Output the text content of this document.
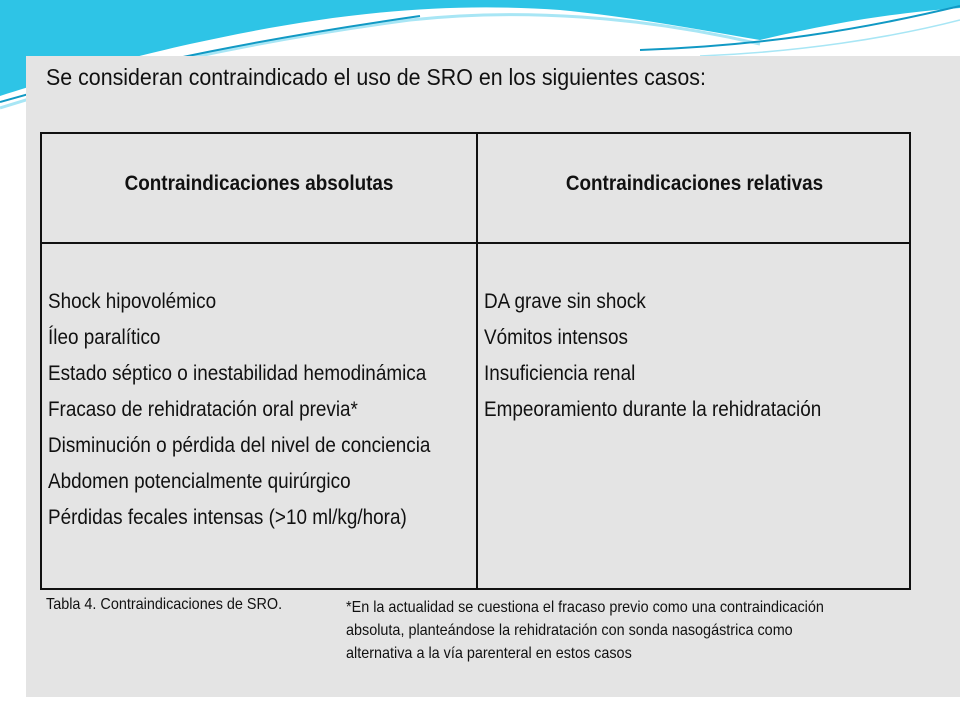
Se consideran contraindicado el uso de SRO en los siguientes casos:

Contraindicaciones absolutas	Contraindicaciones relativas
Shock hipovolémico
Íleo paralítico
Estado séptico o inestabilidad hemodinámica
Fracaso de rehidratación oral previa*
Disminución o pérdida del nivel de conciencia
Abdomen potencialmente quirúrgico
Pérdidas fecales intensas (>10 ml/kg/hora)
DA grave sin shock
Vómitos intensos
Insuficiencia renal
Empeoramiento durante la rehidratación
Tabla 4. Contraindicaciones de SRO.	*En la actualidad se cuestiona el fracaso previo como una contraindicación
absoluta, planteándose la rehidratación con sonda nasogástrica como
alternativa a la vía parenteral en estos casos
